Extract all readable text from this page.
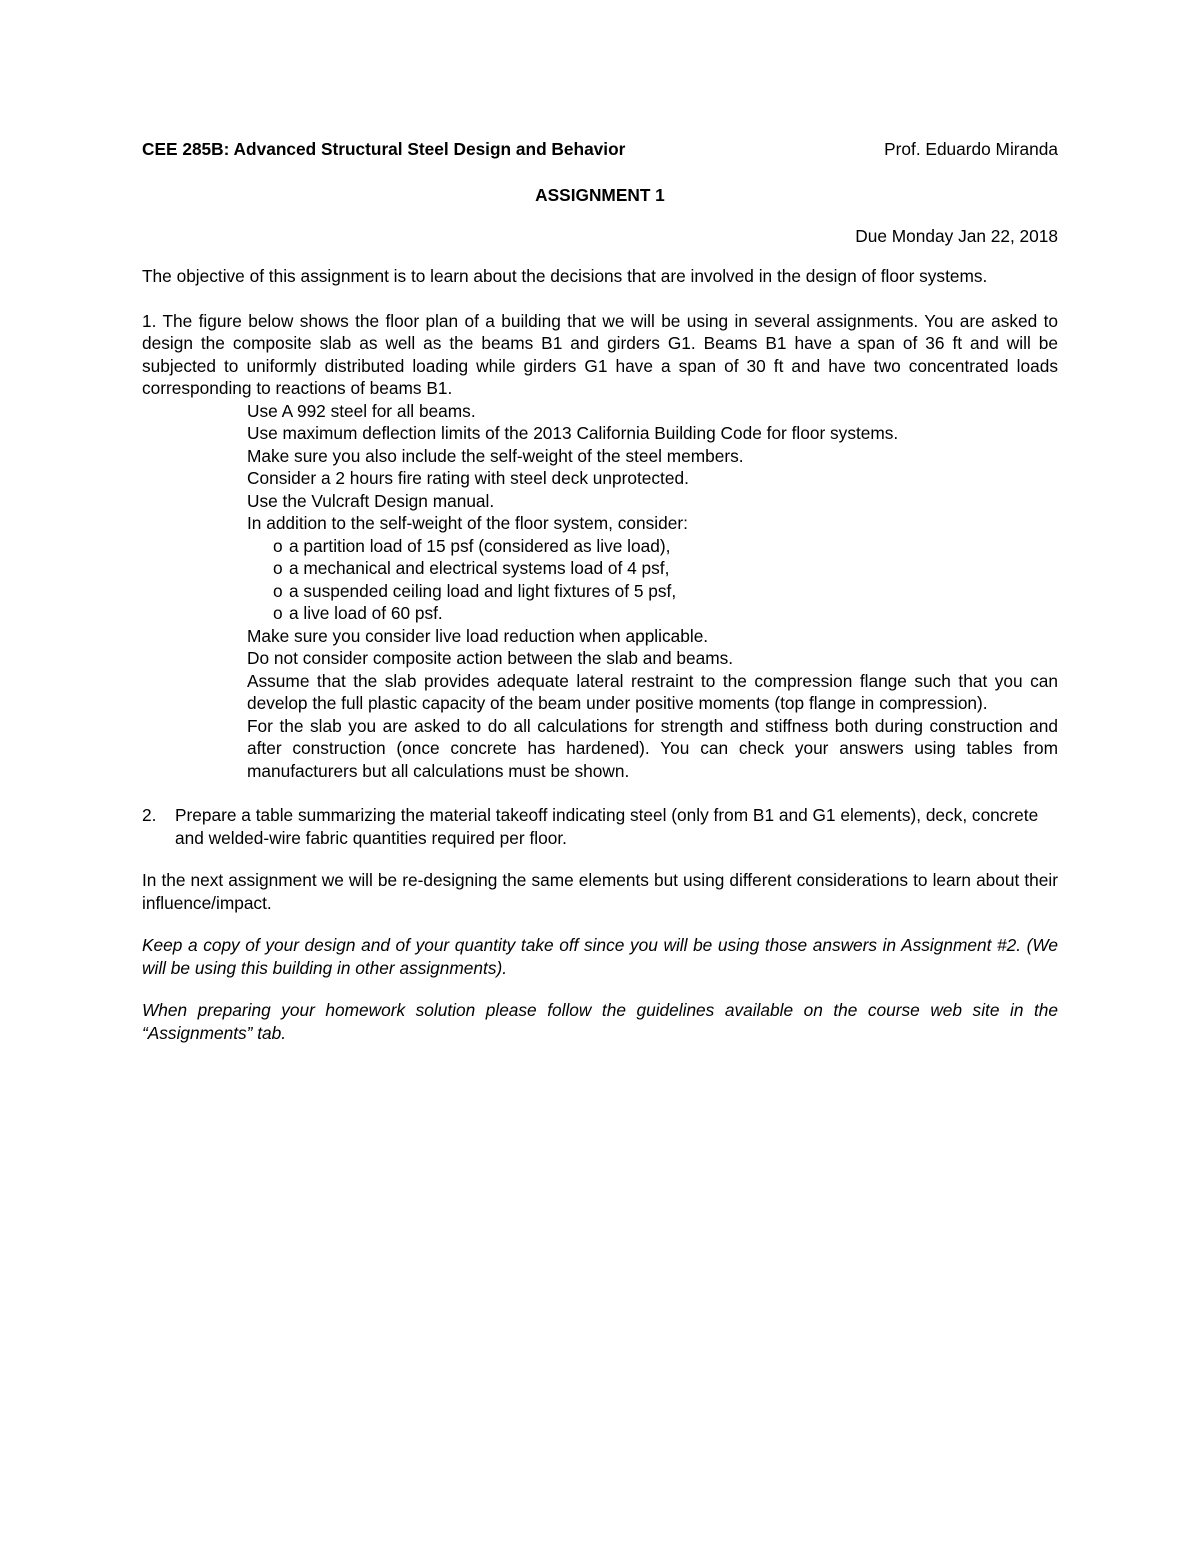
CEE 285B: Advanced Structural Steel Design and Behavior	Prof. Eduardo Miranda
ASSIGNMENT 1
Due Monday Jan 22, 2018

The objective of this assignment is to learn about the decisions that are involved in the design of floor systems.

1. The figure below shows the floor plan of a building that we will be using in several assignments. You are asked to design the composite slab as well as the beams B1 and girders G1. Beams B1 have a span of 36 ft and will be subjected to uniformly distributed loading while girders G1 have a span of 30 ft and have two concentrated loads corresponding to reactions of beams B1.

Use A 992 steel for all beams.
Use maximum deflection limits of the 2013 California Building Code for floor systems.
Make sure you also include the self-weight of the steel members.
Consider a 2 hours fire rating with steel deck unprotected.
Use the Vulcraft Design manual.
In addition to the self-weight of the floor system, consider:
o a partition load of 15 psf (considered as live load),
o a mechanical and electrical systems load of 4 psf,
o a suspended ceiling load and light fixtures of 5 psf,
o a live load of 60 psf.
Make sure you consider live load reduction when applicable.
Do not consider composite action between the slab and beams.
Assume that the slab provides adequate lateral restraint to the compression flange such that you can develop the full plastic capacity of the beam under positive moments (top flange in compression).
For the slab you are asked to do all calculations for strength and stiffness both during construction and after construction (once concrete has hardened). You can check your answers using tables from manufacturers but all calculations must be shown.
2.	Prepare a table summarizing the material takeoff indicating steel (only from B1 and G1 elements), deck, concrete and welded-wire fabric quantities required per floor.

In the next assignment we will be re-designing the same elements but using different considerations to learn about their influence/impact.

Keep a copy of your design and of your quantity take off since you will be using those answers in Assignment #2. (We will be using this building in other assignments).

When preparing your homework solution please follow the guidelines available on the course web site in the “Assignments” tab.
